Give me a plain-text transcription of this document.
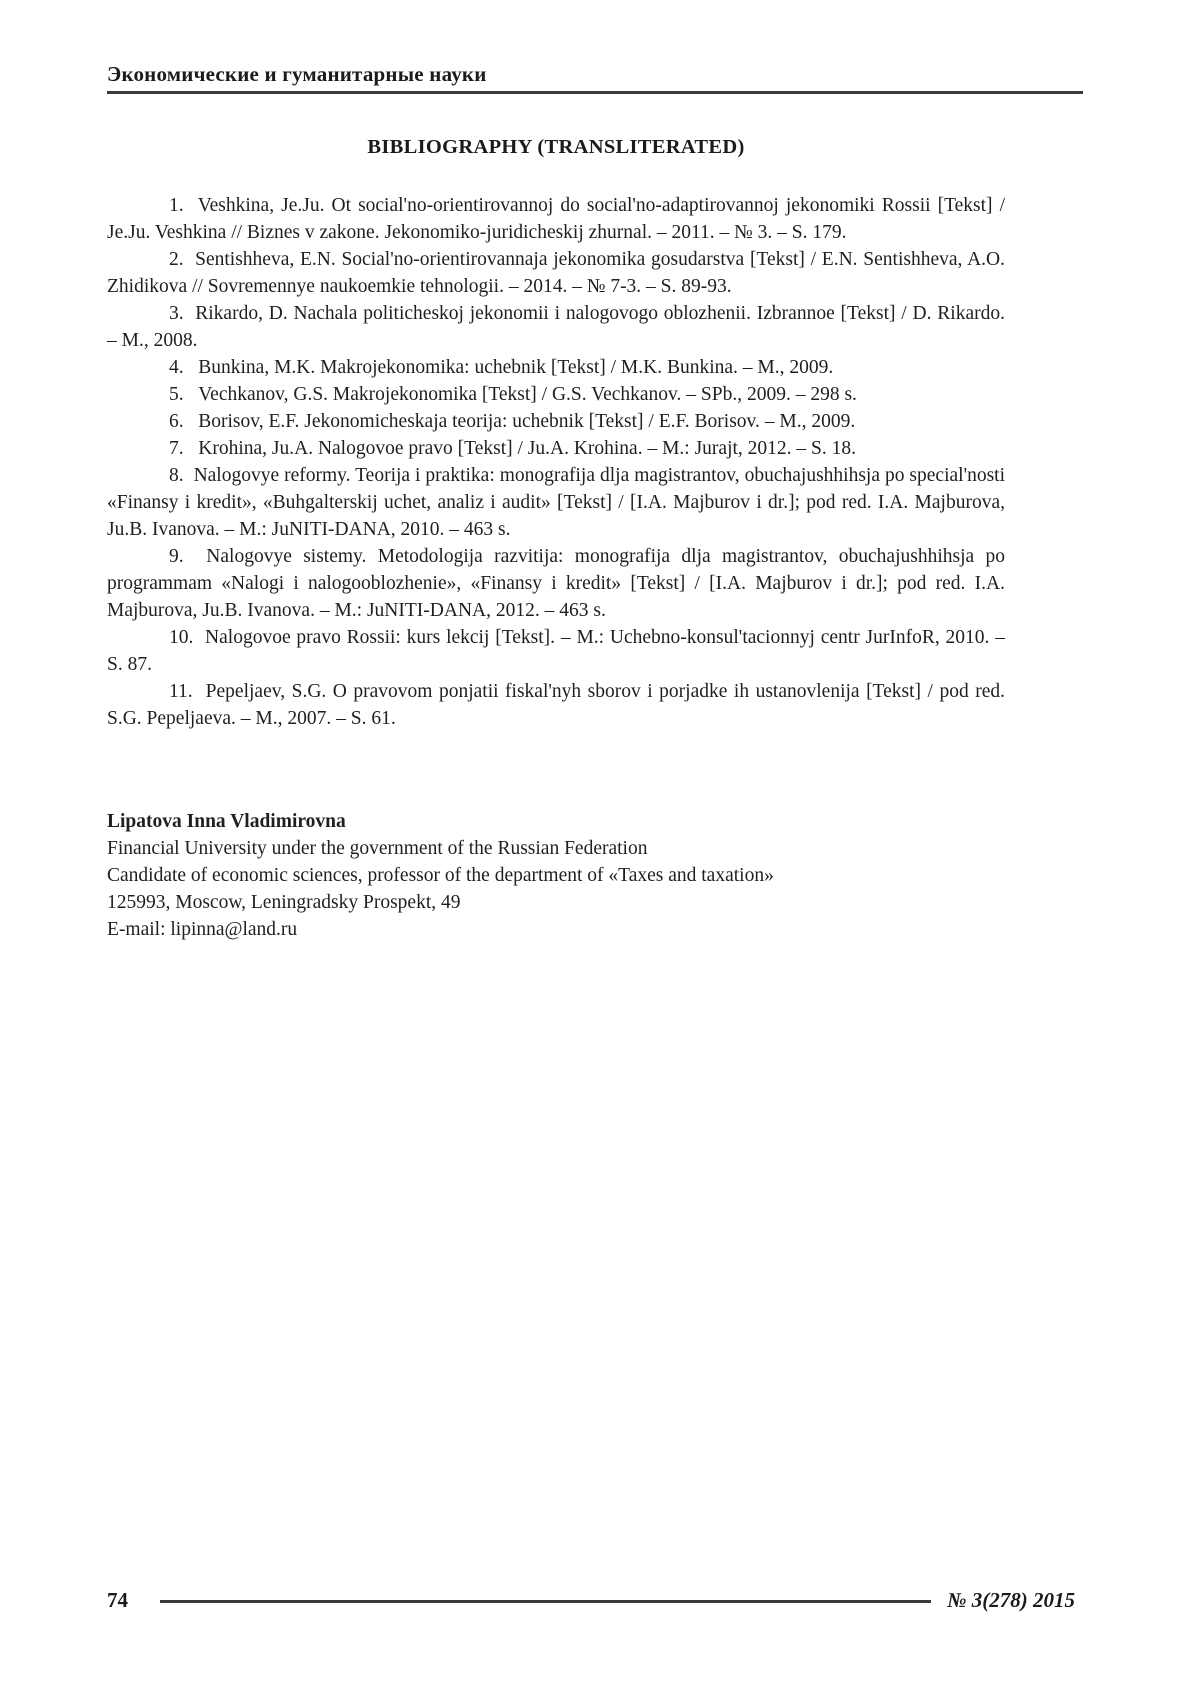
Экономические и гуманитарные науки
BIBLIOGRAPHY (TRANSLITERATED)

1.  Veshkina, Je.Ju. Ot social'no-orientirovannoj do social'no-adaptirovannoj jekonomiki Rossii [Tekst] / Je.Ju. Veshkina // Biznes v zakone. Jekonomiko-juridicheskij zhurnal. – 2011. – № 3. – S. 179.

2.  Sentishheva, E.N. Social'no-orientirovannaja jekonomika gosudarstva [Tekst] / E.N. Sentishheva, A.O. Zhidikova // Sovremennye naukoemkie tehnologii. – 2014. – № 7-3. – S. 89-93.

3.  Rikardo, D. Nachala politicheskoj jekonomii i nalogovogo oblozhenii. Izbrannoe [Tekst] / D. Rikardo. – M., 2008.

4.   Bunkina, M.K. Makrojekonomika: uchebnik [Tekst] / M.K. Bunkina. – M., 2009.

5.   Vechkanov, G.S. Makrojekonomika [Tekst] / G.S. Vechkanov. – SPb., 2009. – 298 s.

6.   Borisov, E.F. Jekonomicheskaja teorija: uchebnik [Tekst] / E.F. Borisov. – M., 2009.

7.   Krohina, Ju.A. Nalogovoe pravo [Tekst] / Ju.A. Krohina. – M.: Jurajt, 2012. – S. 18.

8.  Nalogovye reformy. Teorija i praktika: monografija dlja magistrantov, obuchajushhihsja po special'nosti «Finansy i kredit», «Buhgalterskij uchet, analiz i audit» [Tekst] / [I.A. Majburov i dr.]; pod red. I.A. Majburova, Ju.B. Ivanova. – M.: JuNITI-DANA, 2010. – 463 s.

9.  Nalogovye sistemy. Metodologija razvitija: monografija dlja magistrantov, obuchajushhihsja po programmam «Nalogi i nalogooblozhenie», «Finansy i kredit» [Tekst] / [I.A. Majburov i dr.]; pod red. I.A. Majburova, Ju.B. Ivanova. – M.: JuNITI-DANA, 2012. – 463 s.

10.  Nalogovoe pravo Rossii: kurs lekcij [Tekst]. – M.: Uchebno-konsul'tacionnyj centr JurInfoR, 2010. – S. 87.

11.  Pepeljaev, S.G. O pravovom ponjatii fiskal'nyh sborov i porjadke ih ustanovlenija [Tekst] / pod red. S.G. Pepeljaeva. – M., 2007. – S. 61.

Lipatova Inna Vladimirovna

Financial University under the government of the Russian Federation

Candidate of economic sciences, professor of the department of «Taxes and taxation»

125993, Moscow, Leningradsky Prospekt, 49

E-mail: lipinna@land.ru

74	№ 3(278) 2015
